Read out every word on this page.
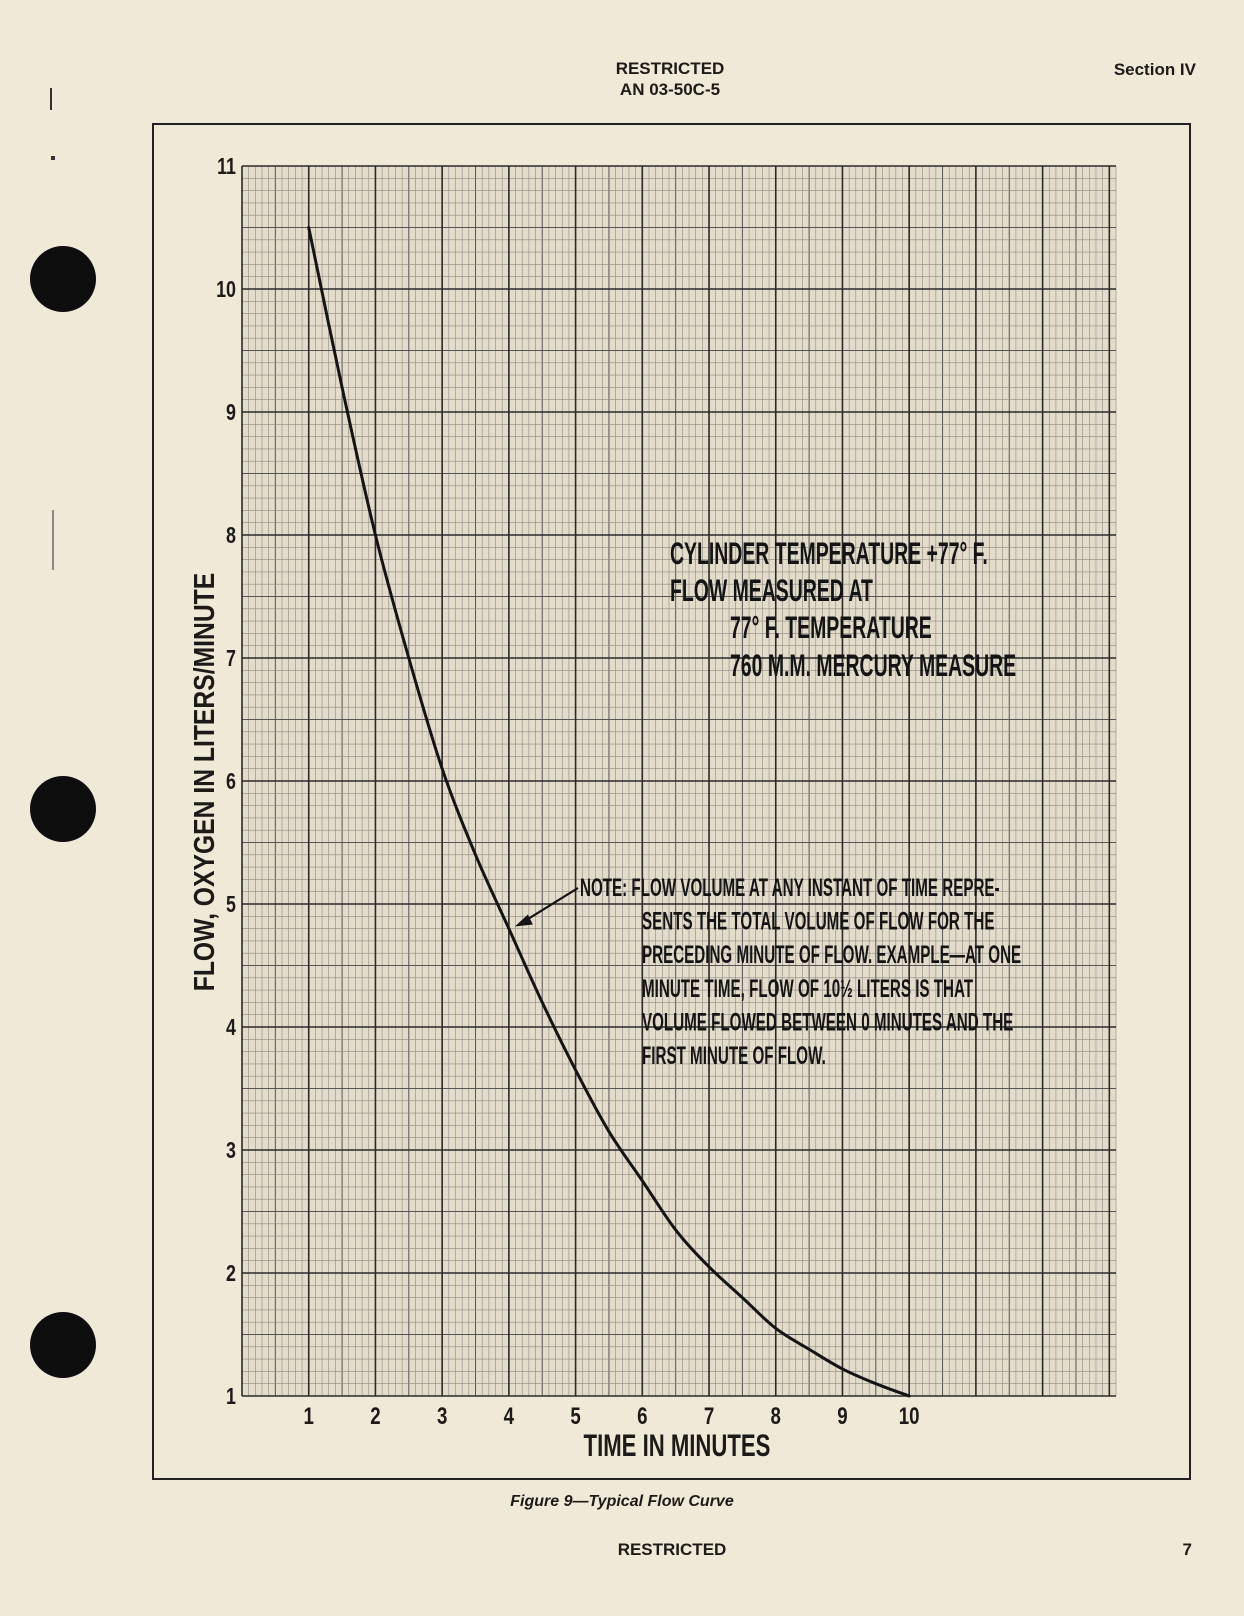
RESTRICTED
AN 03-50C-5
Section IV
1	2	3	4	5	6	7	8	9 10
1
2
3
4
5
6
7
8
9
10
11
CYLINDER TEMPERATURE +77° F.
FLOW MEASURED AT
77° F. TEMPERATURE
760 M.M. MERCURY MEASURE
NOTE: FLOW VOLUME AT ANY INSTANT OF TIME REPRE-
SENTS THE TOTAL VOLUME OF FLOW FOR THE
PRECEDING MINUTE OF FLOW. EXAMPLE—AT ONE
MINUTE TIME, FLOW OF 10½ LITERS IS THAT
VOLUME FLOWED BETWEEN 0 MINUTES AND THE
FIRST MINUTE OF FLOW.
TIME IN MINUTES
FLOW, OXYGEN IN LITERS/MINUTE
Figure 9—Typical Flow Curve
RESTRICTED	7
